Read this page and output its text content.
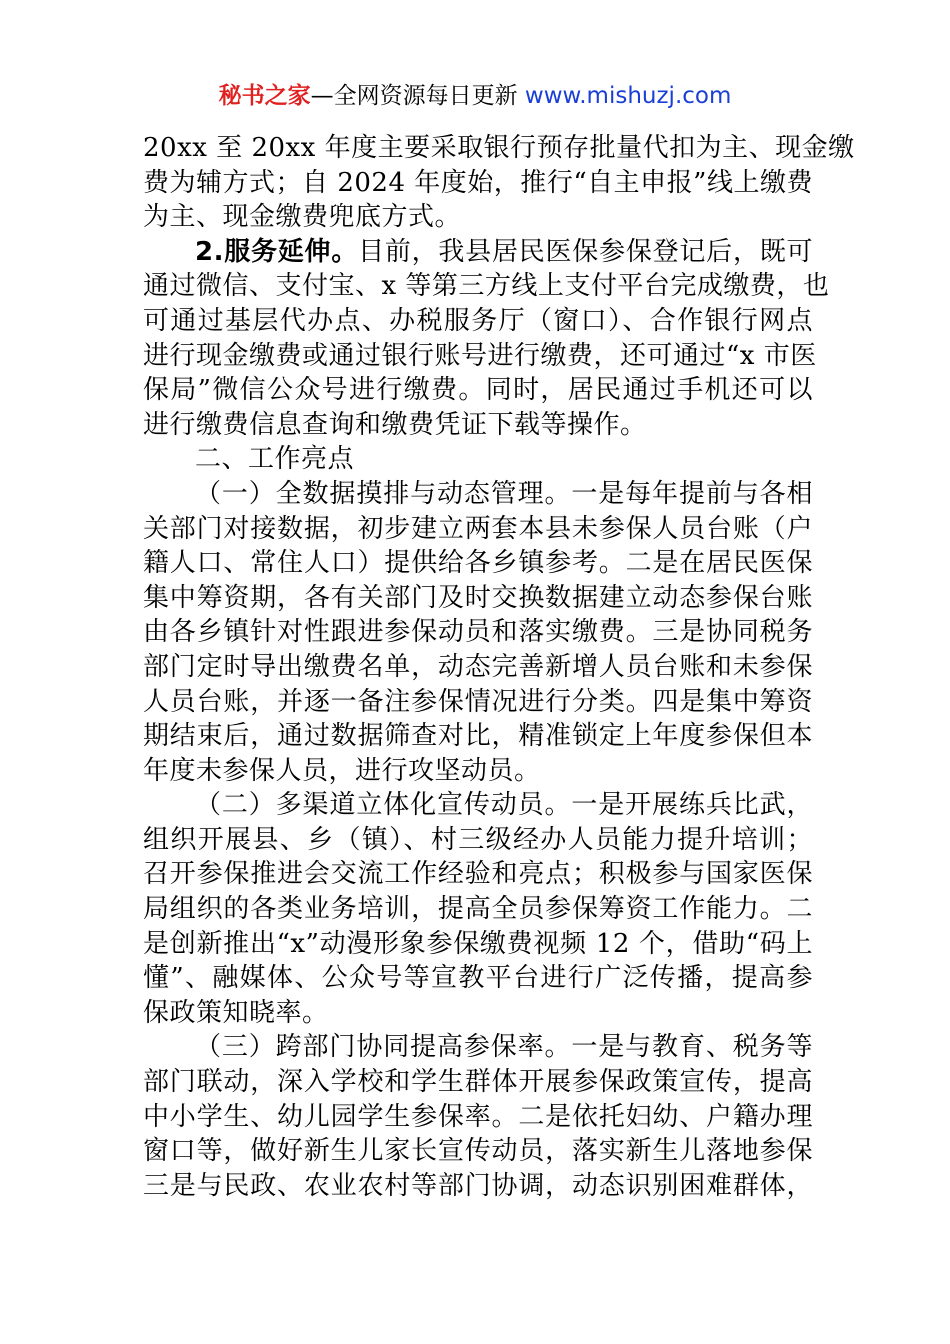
秘书之家—全网资源每日更新 www.mishuzj.com
20xx 至 20xx 年度主要采取银行预存批量代扣为主、现金缴
费为辅方式；自 2024 年度始，推行“自主申报”线上缴费
为主、现金缴费兜底方式。
2.服务延伸。目前，我县居民医保参保登记后，既可
通过微信、支付宝、x 等第三方线上支付平台完成缴费，也
可通过基层代办点、办税服务厅（窗口）、合作银行网点
进行现金缴费或通过银行账号进行缴费，还可通过“x 市医
保局”微信公众号进行缴费。同时，居民通过手机还可以
进行缴费信息查询和缴费凭证下载等操作。
二、工作亮点
（一）全数据摸排与动态管理。一是每年提前与各相
关部门对接数据，初步建立两套本县未参保人员台账（户
籍人口、常住人口）提供给各乡镇参考。二是在居民医保
集中筹资期，各有关部门及时交换数据建立动态参保台账
由各乡镇针对性跟进参保动员和落实缴费。三是协同税务
部门定时导出缴费名单，动态完善新增人员台账和未参保
人员台账，并逐一备注参保情况进行分类。四是集中筹资
期结束后，通过数据筛查对比，精准锁定上年度参保但本
年度未参保人员，进行攻坚动员。
（二）多渠道立体化宣传动员。一是开展练兵比武，
组织开展县、乡（镇）、村三级经办人员能力提升培训；
召开参保推进会交流工作经验和亮点；积极参与国家医保
局组织的各类业务培训，提高全员参保筹资工作能力。二
是创新推出“x”动漫形象参保缴费视频 12 个，借助“码上
懂”、融媒体、公众号等宣教平台进行广泛传播，提高参
保政策知晓率。
（三）跨部门协同提高参保率。一是与教育、税务等
部门联动，深入学校和学生群体开展参保政策宣传，提高
中小学生、幼儿园学生参保率。二是依托妇幼、户籍办理
窗口等，做好新生儿家长宣传动员，落实新生儿落地参保
三是与民政、农业农村等部门协调，动态识别困难群体，
